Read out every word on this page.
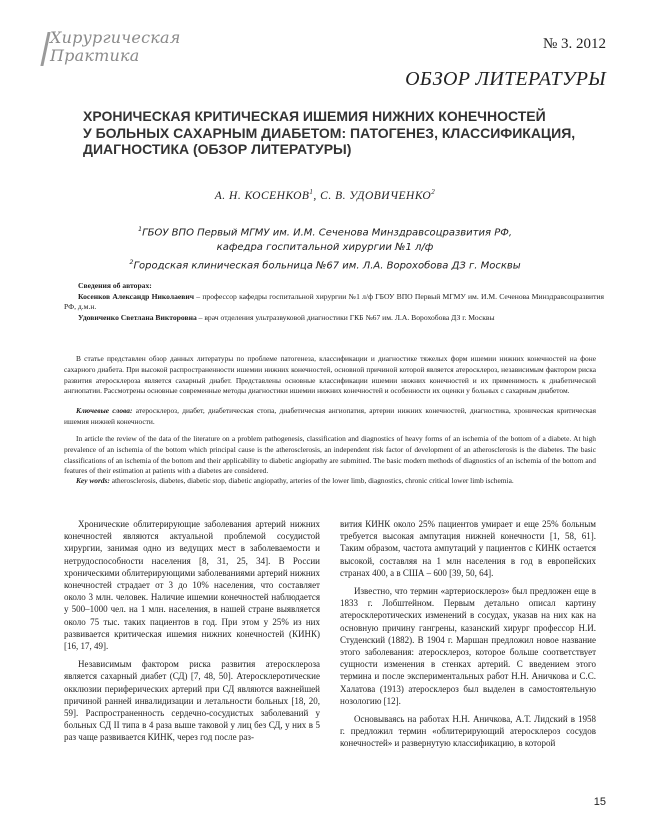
Хирургическая
Практика
№ 3. 2012
ОБЗОР ЛИТЕРАТУРЫ
ХРОНИЧЕСКАЯ КРИТИЧЕСКАЯ ИШЕМИЯ НИЖНИХ КОНЕЧНОСТЕЙ
У БОЛЬНЫХ САХАРНЫМ ДИАБЕТОМ: ПАТОГЕНЕЗ, КЛАССИФИКАЦИЯ,
ДИАГНОСТИКА (ОБЗОР ЛИТЕРАТУРЫ)
А. Н. КОСЕНКОВ$^1$, С. В. УДОВИЧЕНКО$^2$
$^1$ГБОУ ВПО Первый МГМУ им. И.М. Сеченова Минздравсоцразвития РФ,
кафедра госпитальной хирургии №1 л/ф
$^2$Городская клиническая больница №67 им. Л.А. Ворохобова ДЗ г. Москвы
Сведения об авторах:
Косенков Александр Николаевич – профессор кафедры госпитальной хирургии №1 л/ф ГБОУ ВПО Первый МГМУ им. И.М. Сеченова Минздравсоцразвития РФ, д.м.н.
Удовиченко Светлана Викторовна – врач отделения ультразвуковой диагностики ГКБ №67 им. Л.А. Ворохобова ДЗ г. Москвы

В статье представлен обзор данных литературы по проблеме патогенеза, классификации и диагностике тяжелых форм ишемии нижних конечностей на фоне сахарного диабета. При высокой распространенности ишемии нижних конечностей, основной причиной которой является атеросклероз, независимым фактором риска развития атеросклероза является сахарный диабет. Представлены основные классификации ишемии нижних конечностей и их применимость к диабетической ангиопатии. Рассмотрены основные современные методы диагностики ишемии нижних конечностей и особенности их оценки у больных с сахарным диабетом.

Ключевые слова: атеросклероз, диабет, диабетическая стопа, диабетическая ангиопатия, артерии нижних конечностей, диагностика, хроническая критическая ишемия нижней конечности.

In article the review of the data of the literature on a problem pathogenesis, classification and diagnostics of heavy forms of an ischemia of the bottom of a diabete. At high prevalence of an ischemia of the bottom which principal cause is the atherosclerosis, an independent risk factor of development of an atherosclerosis is the diabetes. The basic classifications of an ischemia of the bottom and their applicability to diabetic angiopathy are submitted. The basic modern methods of diagnostics of an ischemia of the bottom and features of their estimation at patients with a diabetes are considered.

Key words: atherosclerosis, diabetes, diabetic stop, diabetic angiopathy, arteries of the lower limb, diagnostics, chronic critical lower limb ischemia.

Хронические облитерирующие заболевания артерий нижних конечностей являются актуальной проблемой сосудистой хирургии, занимая одно из ведущих мест в заболеваемости и нетрудоспособности населения [8, 31, 25, 34]. В России хроническими облитерирующими заболеваниями артерий нижних конечностей страдает от 3 до 10% населения, что составляет около 3 млн. человек. Наличие ишемии конечностей наблюдается у 500–1000 чел. на 1 млн. населения, в нашей стране выявляется около 75 тыс. таких пациентов в год. При этом у 25% из них развивается критическая ишемия нижних конечностей (КИНК) [16, 17, 49].

Независимым фактором риска развития атеросклероза является сахарный диабет (СД) [7, 48, 50]. Атеросклеротические окклюзии периферических артерий при СД являются важнейшей причиной ранней инвалидизации и летальности больных [18, 20, 59]. Распространенность сердечно-сосудистых заболеваний у больных СД II типа в 4 раза выше таковой у лиц без СД, у них в 5 раз чаще развивается КИНК, через год после раз-

вития КИНК около 25% пациентов умирает и еще 25% больным требуется высокая ампутация нижней конечности [1, 58, 61]. Таким образом, частота ампутаций у пациентов с КИНК остается высокой, составляя на 1 млн населения в год в европейских странах 400, а в США – 600 [39, 50, 64].

Известно, что термин «артериосклероз» был предложен еще в 1833 г. Лобштейном. Первым детально описал картину атеросклеротических изменений в сосудах, указав на них как на основную причину гангрены, казанский хирург профессор Н.И. Студенский (1882). В 1904 г. Маршан предложил новое название этого заболевания: атеросклероз, которое больше соответствует сущности изменения в стенках артерий. С введением этого термина и после экспериментальных работ Н.Н. Аничкова и С.С. Халатова (1913) атеросклероз был выделен в самостоятельную нозологию [12].

Основываясь на работах Н.Н. Аничкова, А.Т. Лидский в 1958 г. предложил термин «облитерирующий атеросклероз сосудов конечностей» и развернутую классификацию, в которой

15
